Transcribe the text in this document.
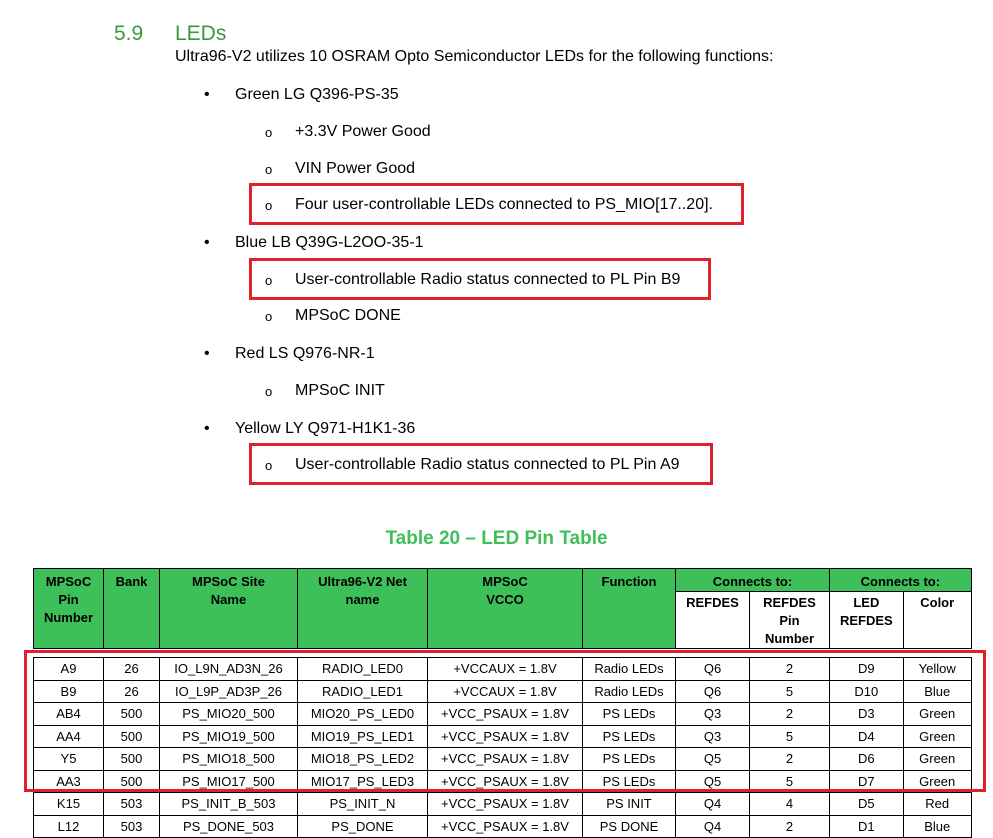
5.9 LEDs
Ultra96-V2 utilizes 10 OSRAM Opto Semiconductor LEDs for the following functions:
• Green LG Q396-PS-35
o +3.3V Power Good
o VIN Power Good
o Four user-controllable LEDs connected to PS_MIO[17..20].
• Blue LB Q39G-L2OO-35-1
o User-controllable Radio status connected to PL Pin B9
o MPSoC DONE
• Red LS Q976-NR-1
o MPSoC INIT
• Yellow LY Q971-H1K1-36
o User-controllable Radio status connected to PL Pin A9
Table 20 – LED Pin Table
MPSoC Pin Number	Bank	MPSoC Site Name	Ultra96-V2 Net name	MPSoC VCCO	Function	Connects to:		Connects to:	
						REFDES	REFDES Pin Number	LED REFDES	Color

A9	26	IO_L9N_AD3N_26	RADIO_LED0	+VCCAUX = 1.8V	Radio LEDs	Q6	2	D9	Yellow
B9	26	IO_L9P_AD3P_26	RADIO_LED1	+VCCAUX = 1.8V	Radio LEDs	Q6	5	D10	Blue
AB4	500	PS_MIO20_500	MIO20_PS_LED0	+VCC_PSAUX = 1.8V	PS LEDs	Q3	2	D3	Green
AA4	500	PS_MIO19_500	MIO19_PS_LED1	+VCC_PSAUX = 1.8V	PS LEDs	Q3	5	D4	Green
Y5	500	PS_MIO18_500	MIO18_PS_LED2	+VCC_PSAUX = 1.8V	PS LEDs	Q5	2	D6	Green
AA3	500	PS_MIO17_500	MIO17_PS_LED3	+VCC_PSAUX = 1.8V	PS LEDs	Q5	5	D7	Green
K15	503	PS_INIT_B_503	PS_INIT_N	+VCC_PSAUX = 1.8V	PS INIT	Q4	4	D5	Red
L12	503	PS_DONE_503	PS_DONE	+VCC_PSAUX = 1.8V	PS DONE	Q4	2	D1	Blue
